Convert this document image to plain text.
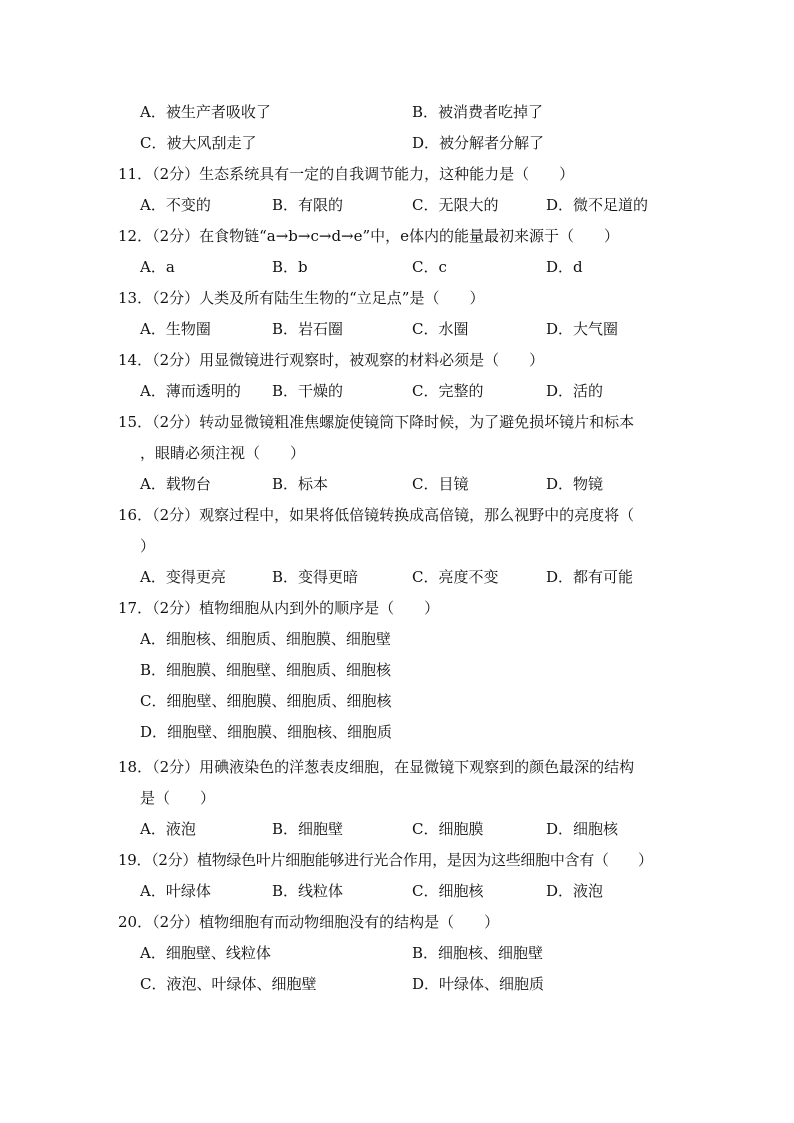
A．被生产者吸收了	B．被消费者吃掉了
C．被大风刮走了	D．被分解者分解了
11．（2分）生态系统具有一定的自我调节能力，这种能力是（　　）
A．不变的	B．有限的	C．无限大的	D．微不足道的
12．（2分）在食物链“a→b→c→d→e”中，e体内的能量最初来源于（　　）
A．a	B．b	C．c	D．d
13．（2分）人类及所有陆生生物的“立足点”是（　　）
A．生物圈	B．岩石圈	C．水圈	D．大气圈
14．（2分）用显微镜进行观察时，被观察的材料必须是（　　）
A．薄而透明的 B．干燥的	C．完整的	D．活的
15．（2分）转动显微镜粗准焦螺旋使镜筒下降时候，为了避免损坏镜片和标本
，眼睛必须注视（　　）
A．载物台	B．标本	C．目镜	D．物镜
16．（2分）观察过程中，如果将低倍镜转换成高倍镜，那么视野中的亮度将（
）
A．变得更亮	B．变得更暗	C．亮度不变	D．都有可能
17．（2分）植物细胞从内到外的顺序是（　　）
A．细胞核、细胞质、细胞膜、细胞壁
B．细胞膜、细胞壁、细胞质、细胞核
C．细胞壁、细胞膜、细胞质、细胞核
D．细胞壁、细胞膜、细胞核、细胞质
18．（2分）用碘液染色的洋葱表皮细胞，在显微镜下观察到的颜色最深的结构
是（　　）
A．液泡	B．细胞壁	C．细胞膜	D．细胞核
19．（2分）植物绿色叶片细胞能够进行光合作用，是因为这些细胞中含有（　　）
A．叶绿体	B．线粒体	C．细胞核	D．液泡
20．（2分）植物细胞有而动物细胞没有的结构是（　　）
A．细胞壁、线粒体	B．细胞核、细胞壁
C．液泡、叶绿体、细胞壁	D．叶绿体、细胞质
